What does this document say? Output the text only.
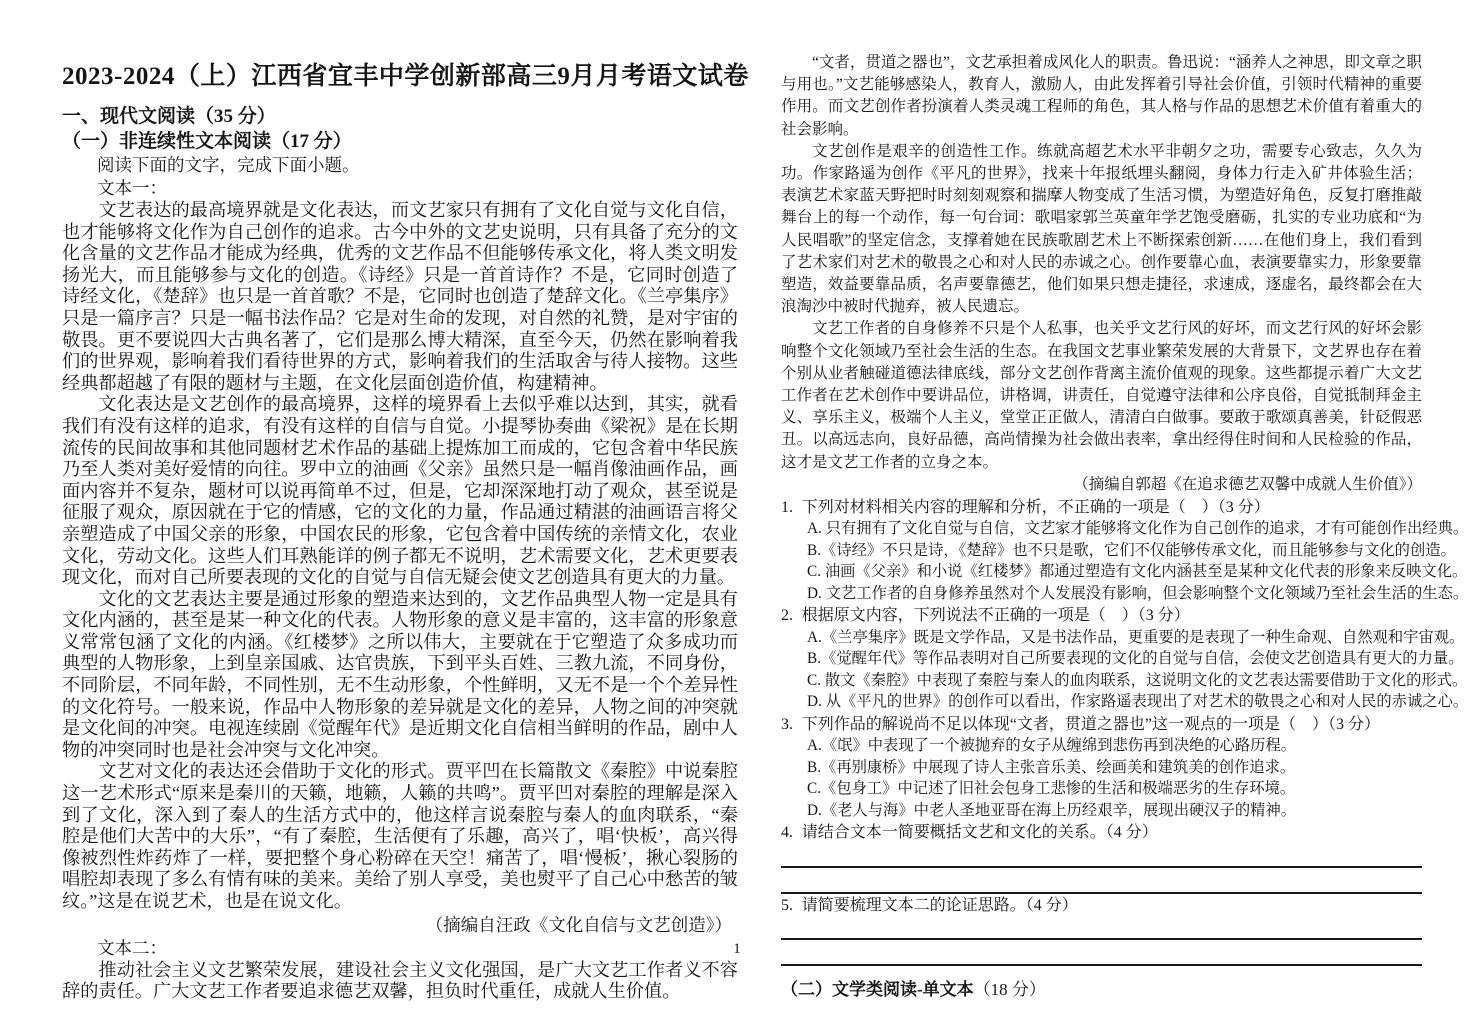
2023-2024（上）江西省宜丰中学创新部高三9月月考语文试卷
一、现代文阅读（35 分）
（一）非连续性文本阅读（17 分）
阅读下面的文字，完成下面小题。
文本一：
文艺表达的最高境界就是文化表达，而文艺家只有拥有了文化自觉与文化自信，也才能够将文化作为自己创作的追求。古今中外的文艺史说明，只有具备了充分的文化含量的文艺作品才能成为经典，优秀的文艺作品不但能够传承文化，将人类文明发扬光大，而且能够参与文化的创造。《诗经》只是一首首诗作？不是，它同时创造了诗经文化，《楚辞》也只是一首首歌？不是，它同时也创造了楚辞文化。《兰亭集序》只是一篇序言？只是一幅书法作品？它是对生命的发现，对自然的礼赞，是对宇宙的敬畏。更不要说四大古典名著了，它们是那么博大精深，直至今天，仍然在影响着我们的世界观，影响着我们看待世界的方式，影响着我们的生活取舍与待人接物。这些经典都超越了有限的题材与主题，在文化层面创造价值，构建精神。
文化表达是文艺创作的最高境界，这样的境界看上去似乎难以达到，其实，就看我们有没有这样的追求，有没有这样的自信与自觉。小提琴协奏曲《梁祝》是在长期流传的民间故事和其他同题材艺术作品的基础上提炼加工而成的，它包含着中华民族乃至人类对美好爱情的向往。罗中立的油画《父亲》虽然只是一幅肖像油画作品，画面内容并不复杂，题材可以说再简单不过，但是，它却深深地打动了观众，甚至说是征服了观众，原因就在于它的情感，它的文化的力量，作品通过精湛的油画语言将父亲塑造成了中国父亲的形象，中国农民的形象，它包含着中国传统的亲情文化，农业文化，劳动文化。这些人们耳熟能详的例子都无不说明，艺术需要文化，艺术更要表现文化，而对自己所要表现的文化的自觉与自信无疑会使文艺创造具有更大的力量。
文化的文艺表达主要是通过形象的塑造来达到的，文艺作品典型人物一定是具有文化内涵的，甚至是某一种文化的代表。人物形象的意义是丰富的，这丰富的形象意义常常包涵了文化的内涵。《红楼梦》之所以伟大，主要就在于它塑造了众多成功而典型的人物形象，上到皇亲国戚、达官贵族，下到平头百姓、三教九流，不同身份，不同阶层，不同年龄，不同性别，无不生动形象，个性鲜明，又无不是一个个差异性的文化符号。一般来说，作品中人物形象的差异就是文化的差异，人物之间的冲突就是文化间的冲突。电视连续剧《觉醒年代》是近期文化自信相当鲜明的作品，剧中人物的冲突同时也是社会冲突与文化冲突。
文艺对文化的表达还会借助于文化的形式。贾平凹在长篇散文《秦腔》中说秦腔这一艺术形式“原来是秦川的天籁，地籁，人籁的共鸣”。贾平凹对秦腔的理解是深入到了文化，深入到了秦人的生活方式中的，他这样言说秦腔与秦人的血肉联系，“秦腔是他们大苦中的大乐”，“有了秦腔，生活便有了乐趣，高兴了，唱‘快板’，高兴得像被烈性炸药炸了一样，要把整个身心粉碎在天空！痛苦了，唱‘慢板’，揪心裂肠的唱腔却表现了多么有情有味的美来。美给了别人享受，美也熨平了自己心中愁苦的皱纹。”这是在说艺术，也是在说文化。
（摘编自汪政《文化自信与文艺创造》）
文本二：
推动社会主义文艺繁荣发展，建设社会主义文化强国，是广大文艺工作者义不容辞的责任。广大文艺工作者要追求德艺双馨，担负时代重任，成就人生价值。
“文者，贯道之器也”，文艺承担着成风化人的职责。鲁迅说：“涵养人之神思，即文章之职与用也。”文艺能够感染人，教育人，激励人，由此发挥着引导社会价值，引领时代精神的重要作用。而文艺创作者扮演着人类灵魂工程师的角色，其人格与作品的思想艺术价值有着重大的社会影响。
文艺创作是艰辛的创造性工作。练就高超艺术水平非朝夕之功，需要专心致志，久久为功。作家路遥为创作《平凡的世界》，找来十年报纸埋头翻阅，身体力行走入矿井体验生活；表演艺术家蓝天野把时时刻刻观察和揣摩人物变成了生活习惯，为塑造好角色，反复打磨推敲舞台上的每一个动作，每一句台词：歌唱家郭兰英童年学艺饱受磨砺，扎实的专业功底和“为人民唱歌”的坚定信念，支撑着她在民族歌剧艺术上不断探索创新……在他们身上，我们看到了艺术家们对艺术的敬畏之心和对人民的赤诚之心。创作要靠心血，表演要靠实力，形象要靠塑造，效益要靠品质，名声要靠德艺，他们如果只想走捷径，求速成，逐虚名，最终都会在大浪淘沙中被时代抛弃，被人民遗忘。
文艺工作者的自身修养不只是个人私事，也关乎文艺行风的好坏，而文艺行风的好坏会影响整个文化领域乃至社会生活的生态。在我国文艺事业繁荣发展的大背景下，文艺界也存在着个别从业者触碰道德法律底线，部分文艺创作背离主流价值观的现象。这些都提示着广大文艺工作者在艺术创作中要讲品位，讲格调，讲责任，自觉遵守法律和公序良俗，自觉抵制拜金主义、享乐主义，极端个人主义，堂堂正正做人，清清白白做事。要敢于歌颂真善美，针砭假恶丑。以高远志向，良好品德，高尚情操为社会做出表率，拿出经得住时间和人民检验的作品，这才是文艺工作者的立身之本。
（摘编自郭超《在追求德艺双馨中成就人生价值》）
1. 下列对材料相关内容的理解和分析，不正确的一项是（　）（3 分）
A. 只有拥有了文化自觉与自信，文艺家才能够将文化作为自己创作的追求，才有可能创作出经典。
B.《诗经》不只是诗，《楚辞》也不只是歌，它们不仅能够传承文化，而且能够参与文化的创造。
C. 油画《父亲》和小说《红楼梦》都通过塑造有文化内涵甚至是某种文化代表的形象来反映文化。
D. 文艺工作者的自身修养虽然对个人发展没有影响，但会影响整个文化领域乃至社会生活的生态。
2. 根据原文内容，下列说法不正确的一项是（　）（3 分）
A.《兰亭集序》既是文学作品，又是书法作品，更重要的是表现了一种生命观、自然观和宇宙观。
B.《觉醒年代》等作品表明对自己所要表现的文化的自觉与自信，会使文艺创造具有更大的力量。
C. 散文《秦腔》中表现了秦腔与秦人的血肉联系，这说明文化的文艺表达需要借助于文化的形式。
D. 从《平凡的世界》的创作可以看出，作家路遥表现出了对艺术的敬畏之心和对人民的赤诚之心。
3. 下列作品的解说尚不足以体现“文者，贯道之器也”这一观点的一项是（　）（3 分）
A.《氓》中表现了一个被抛弃的女子从缠绵到悲伤再到决绝的心路历程。
B.《再别康桥》中展现了诗人主张音乐美、绘画美和建筑美的创作追求。
C.《包身工》中记述了旧社会包身工悲惨的生活和极端恶劣的生存环境。
D.《老人与海》中老人圣地亚哥在海上历经艰辛，展现出硬汉子的精神。
4. 请结合文本一简要概括文艺和文化的关系。（4 分）
5. 请简要梳理文本二的论证思路。（4 分）
（二）文学类阅读-单文本（18 分）
1
